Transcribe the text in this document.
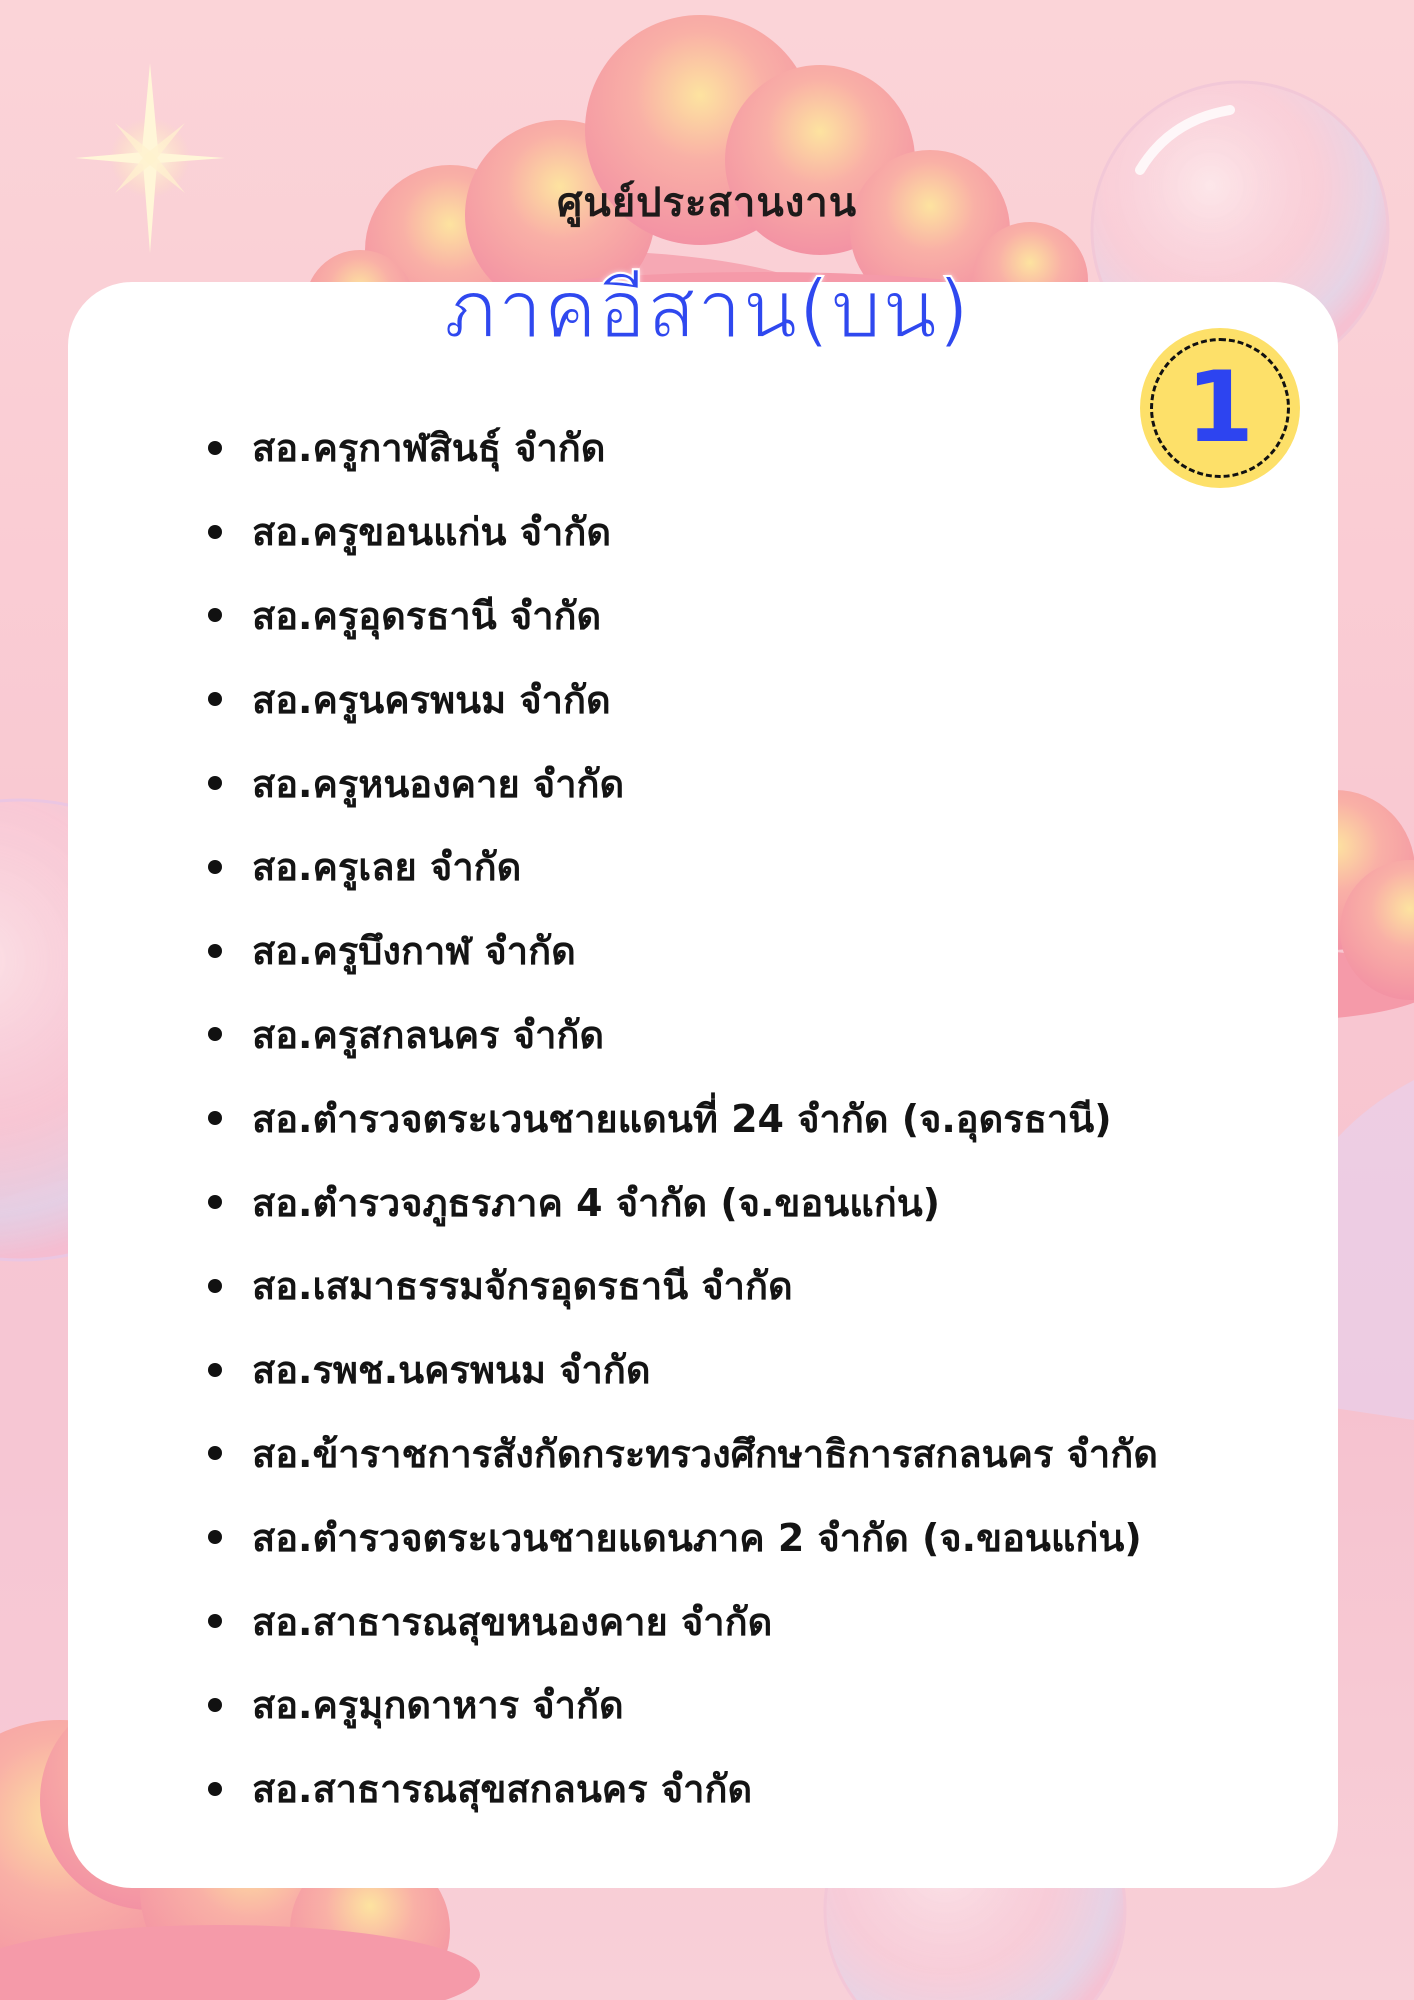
ศูนย์ประสานงาน
ภาคอีสาน(บน)
1
สอ.ครูกาฬสินธุ์ จำกัด
สอ.ครูขอนแก่น จำกัด
สอ.ครูอุดรธานี จำกัด
สอ.ครูนครพนม จำกัด
สอ.ครูหนองคาย จำกัด
สอ.ครูเลย จำกัด
สอ.ครูบึงกาฬ จำกัด
สอ.ครูสกลนคร จำกัด
สอ.ตำรวจตระเวนชายแดนที่ 24 จำกัด (จ.อุดรธานี)
สอ.ตำรวจภูธรภาค 4 จำกัด (จ.ขอนแก่น)
สอ.เสมาธรรมจักรอุดรธานี จำกัด
สอ.รพช.นครพนม จำกัด
สอ.ข้าราชการสังกัดกระทรวงศึกษาธิการสกลนคร จำกัด
สอ.ตำรวจตระเวนชายแดนภาค 2 จำกัด (จ.ขอนแก่น)
สอ.สาธารณสุขหนองคาย จำกัด
สอ.ครูมุกดาหาร จำกัด
สอ.สาธารณสุขสกลนคร จำกัด
